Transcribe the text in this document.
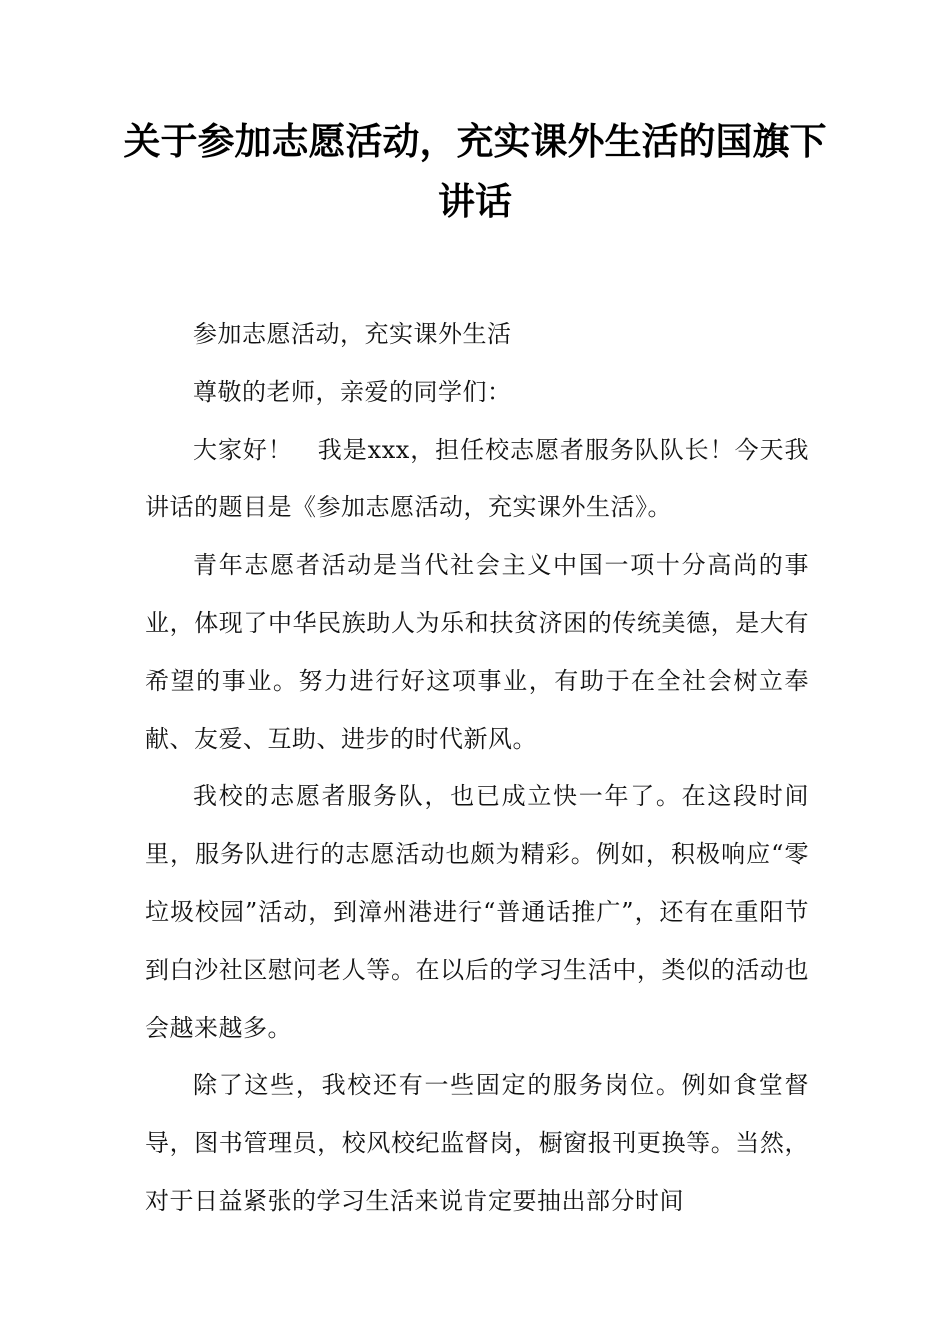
关于参加志愿活动，充实课外生活的国旗下讲话

参加志愿活动，充实课外生活

尊敬的老师，亲爱的同学们：

大家好！　我是xxx，担任校志愿者服务队队长！今天我讲话的题目是《参加志愿活动，充实课外生活》。

青年志愿者活动是当代社会主义中国一项十分高尚的事业，体现了中华民族助人为乐和扶贫济困的传统美德，是大有希望的事业。努力进行好这项事业，有助于在全社会树立奉献、友爱、互助、进步的时代新风。

我校的志愿者服务队，也已成立快一年了。在这段时间里，服务队进行的志愿活动也颇为精彩。例如，积极响应“零垃圾校园”活动，到漳州港进行“普通话推广”，还有在重阳节到白沙社区慰问老人等。在以后的学习生活中，类似的活动也会越来越多。

除了这些，我校还有一些固定的服务岗位。例如食堂督导，图书管理员，校风校纪监督岗，橱窗报刊更换等。当然，对于日益紧张的学习生活来说肯定要抽出部分时间
